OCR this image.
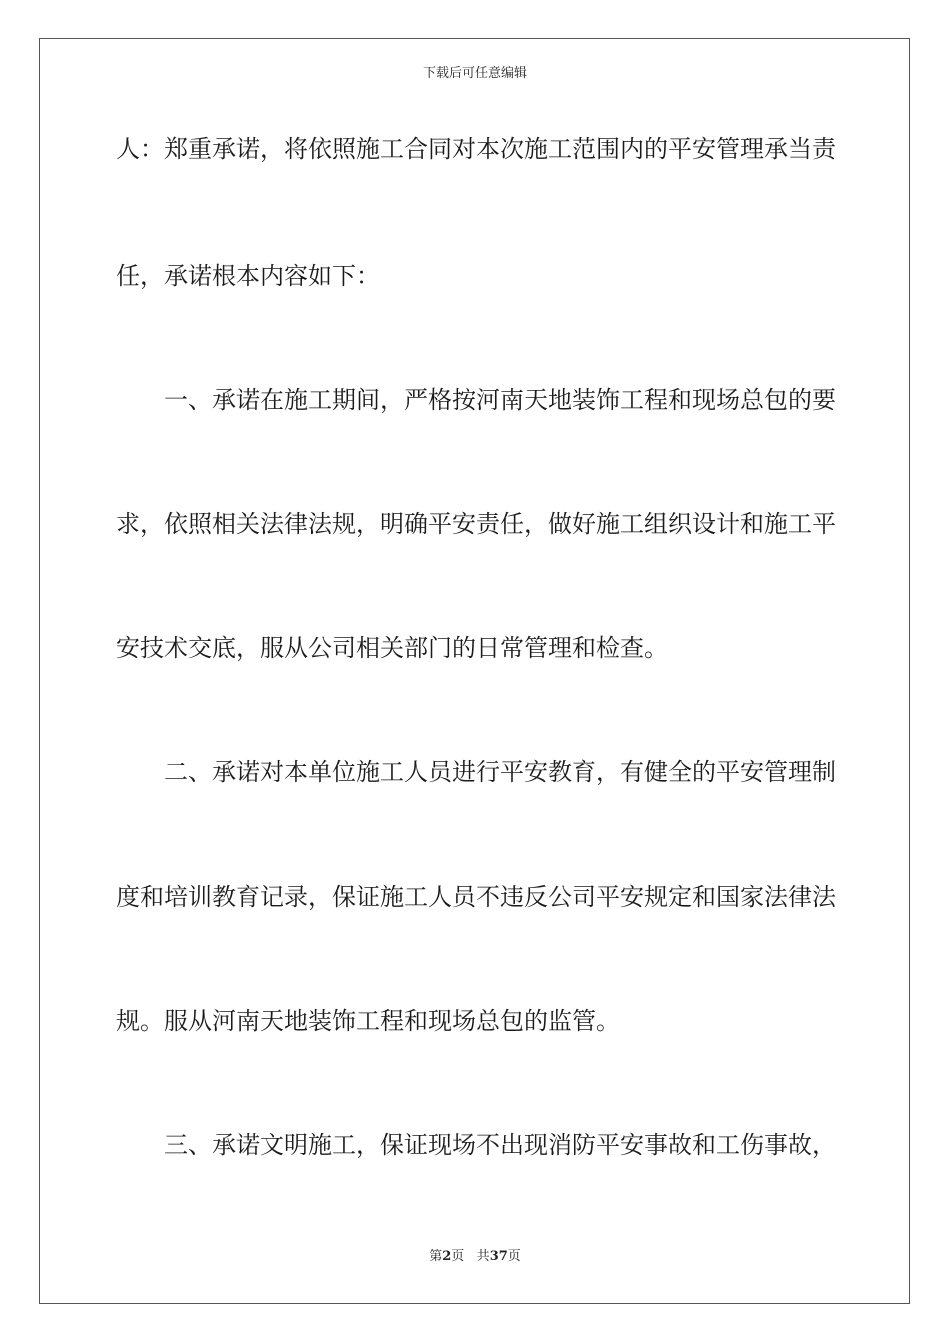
下载后可任意编辑
人：郑重承诺，将依照施工合同对本次施工范围内的平安管理承当责
任，承诺根本内容如下：
一、承诺在施工期间，严格按河南天地装饰工程和现场总包的要
求，依照相关法律法规，明确平安责任，做好施工组织设计和施工平
安技术交底，服从公司相关部门的日常管理和检查。
二、承诺对本单位施工人员进行平安教育，有健全的平安管理制
度和培训教育记录，保证施工人员不违反公司平安规定和国家法律法
规。服从河南天地装饰工程和现场总包的监管。
三、承诺文明施工，保证现场不出现消防平安事故和工伤事故，
第2页 共37页
